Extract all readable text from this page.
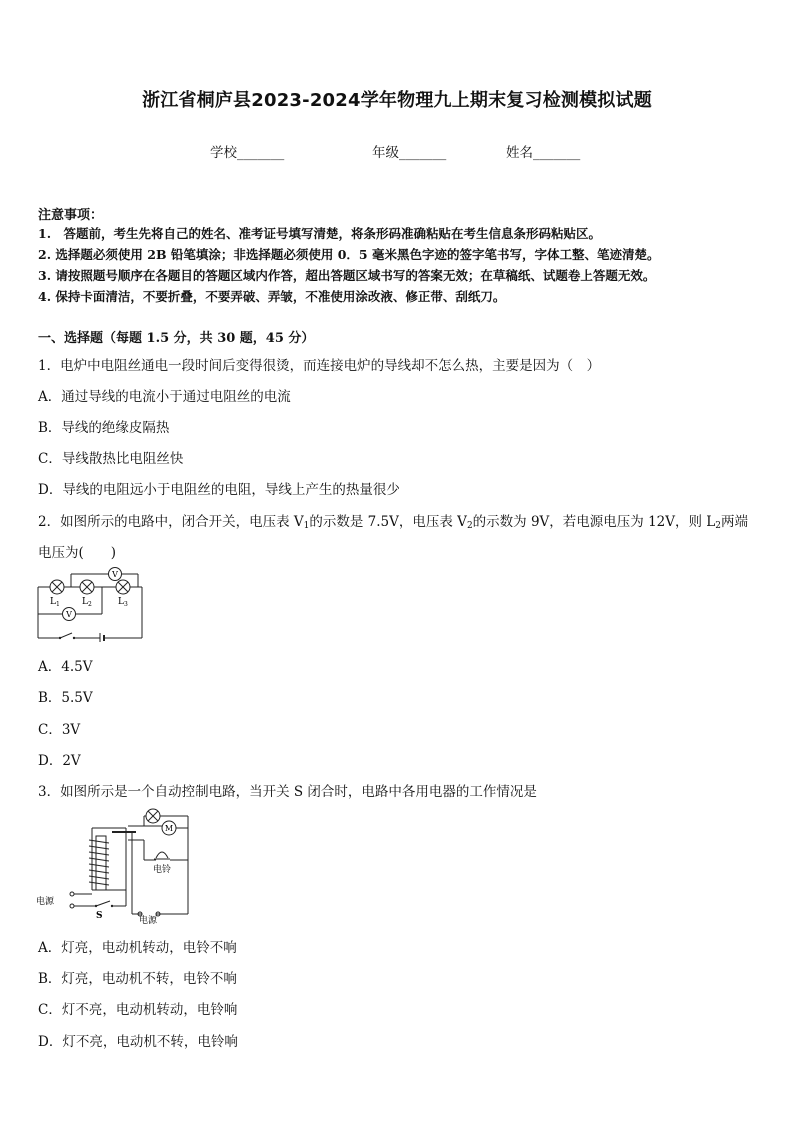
浙江省桐庐县2023-2024学年物理九上期末复习检测模拟试题
学校_______	年级_______	姓名_______
注意事项：
1.　答题前，考生先将自己的姓名、准考证号填写清楚，将条形码准确粘贴在考生信息条形码粘贴区。
2. 选择题必须使用 2B 铅笔填涂；非选择题必须使用 0．5 毫米黑色字迹的签字笔书写，字体工整、笔迹清楚。
3. 请按照题号顺序在各题目的答题区域内作答，超出答题区域书写的答案无效；在草稿纸、试题卷上答题无效。
4. 保持卡面清洁，不要折叠，不要弄破、弄皱，不准使用涂改液、修正带、刮纸刀。
一、选择题（每题 1.5 分，共 30 题，45 分）
1．电炉中电阻丝通电一段时间后变得很烫，而连接电炉的导线却不怎么热，主要是因为（　）
A．通过导线的电流小于通过电阻丝的电流
B．导线的绝缘皮隔热
C．导线散热比电阻丝快
D．导线的电阻远小于电阻丝的电阻，导线上产生的热量很少
2．如图所示的电路中，闭合开关，电压表 $V_1$的示数是 7.5V，电压表 $V_2$的示数为 9V，若电源电压为 12V，则 $L_2$两端
电压为(　　)
V
V
$L_1$ $L_2$	$L_3$
A．4.5V
B．5.5V
C．3V
D．2V
3．如图所示是一个自动控制电路，当开关 S 闭合时，电路中各用电器的工作情况是
M
电铃
电源
S	电源
A．灯亮，电动机转动，电铃不响
B．灯亮，电动机不转，电铃不响
C．灯不亮，电动机转动，电铃响
D．灯不亮，电动机不转，电铃响
